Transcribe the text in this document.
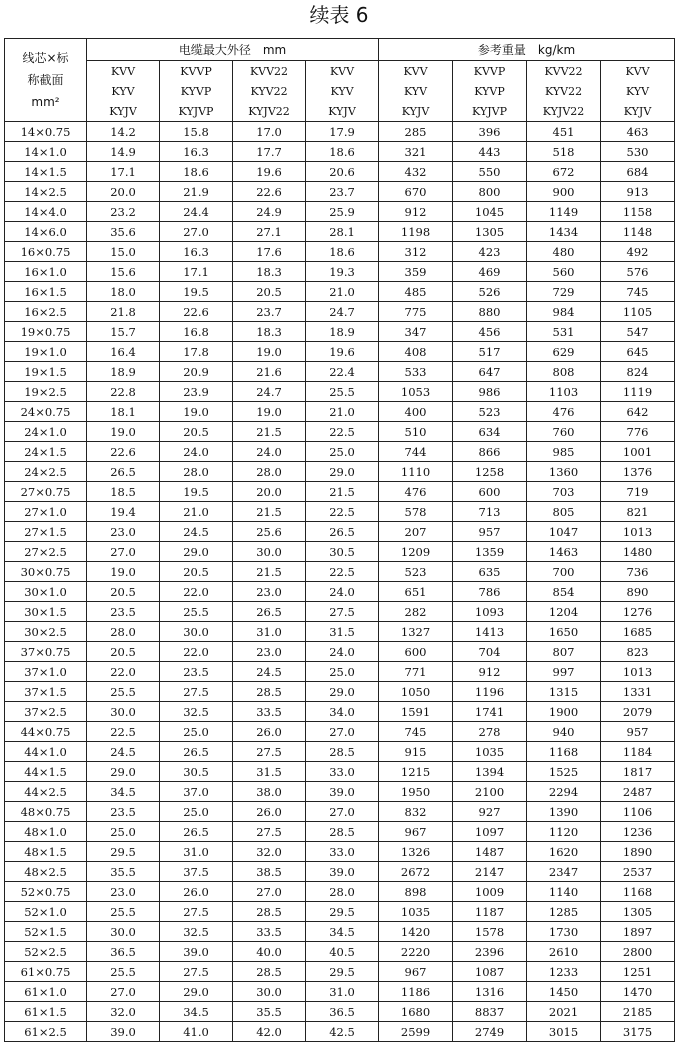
续表 6
线芯×标
称截面
mm²	电缆最大外径　mm				参考重量　kg/km			
	KVV	KVVP	KVV22	KVV	KVV	KVVP	KVV22	KVV
	KYV	KYVP	KYV22	KYV	KYV	KYVP	KYV22	KYV
	KYJV	KYJVP	KYJV22	KYJV	KYJV	KYJVP	KYJV22	KYJV
14×0.75	14.2	15.8	17.0	17.9	285	396	451	463
14×1.0	14.9	16.3	17.7	18.6	321	443	518	530
14×1.5	17.1	18.6	19.6	20.6	432	550	672	684
14×2.5	20.0	21.9	22.6	23.7	670	800	900	913
14×4.0	23.2	24.4	24.9	25.9	912	1045	1149	1158
14×6.0	35.6	27.0	27.1	28.1	1198	1305	1434	1148
16×0.75	15.0	16.3	17.6	18.6	312	423	480	492
16×1.0	15.6	17.1	18.3	19.3	359	469	560	576
16×1.5	18.0	19.5	20.5	21.0	485	526	729	745
16×2.5	21.8	22.6	23.7	24.7	775	880	984	1105
19×0.75	15.7	16.8	18.3	18.9	347	456	531	547
19×1.0	16.4	17.8	19.0	19.6	408	517	629	645
19×1.5	18.9	20.9	21.6	22.4	533	647	808	824
19×2.5	22.8	23.9	24.7	25.5	1053	986	1103	1119
24×0.75	18.1	19.0	19.0	21.0	400	523	476	642
24×1.0	19.0	20.5	21.5	22.5	510	634	760	776
24×1.5	22.6	24.0	24.0	25.0	744	866	985	1001
24×2.5	26.5	28.0	28.0	29.0	1110	1258	1360	1376
27×0.75	18.5	19.5	20.0	21.5	476	600	703	719
27×1.0	19.4	21.0	21.5	22.5	578	713	805	821
27×1.5	23.0	24.5	25.6	26.5	207	957	1047	1013
27×2.5	27.0	29.0	30.0	30.5	1209	1359	1463	1480
30×0.75	19.0	20.5	21.5	22.5	523	635	700	736
30×1.0	20.5	22.0	23.0	24.0	651	786	854	890
30×1.5	23.5	25.5	26.5	27.5	282	1093	1204	1276
30×2.5	28.0	30.0	31.0	31.5	1327	1413	1650	1685
37×0.75	20.5	22.0	23.0	24.0	600	704	807	823
37×1.0	22.0	23.5	24.5	25.0	771	912	997	1013
37×1.5	25.5	27.5	28.5	29.0	1050	1196	1315	1331
37×2.5	30.0	32.5	33.5	34.0	1591	1741	1900	2079
44×0.75	22.5	25.0	26.0	27.0	745	278	940	957
44×1.0	24.5	26.5	27.5	28.5	915	1035	1168	1184
44×1.5	29.0	30.5	31.5	33.0	1215	1394	1525	1817
44×2.5	34.5	37.0	38.0	39.0	1950	2100	2294	2487
48×0.75	23.5	25.0	26.0	27.0	832	927	1390	1106
48×1.0	25.0	26.5	27.5	28.5	967	1097	1120	1236
48×1.5	29.5	31.0	32.0	33.0	1326	1487	1620	1890
48×2.5	35.5	37.5	38.5	39.0	2672	2147	2347	2537
52×0.75	23.0	26.0	27.0	28.0	898	1009	1140	1168
52×1.0	25.5	27.5	28.5	29.5	1035	1187	1285	1305
52×1.5	30.0	32.5	33.5	34.5	1420	1578	1730	1897
52×2.5	36.5	39.0	40.0	40.5	2220	2396	2610	2800
61×0.75	25.5	27.5	28.5	29.5	967	1087	1233	1251
61×1.0	27.0	29.0	30.0	31.0	1186	1316	1450	1470
61×1.5	32.0	34.5	35.5	36.5	1680	8837	2021	2185
61×2.5	39.0	41.0	42.0	42.5	2599	2749	3015	3175
